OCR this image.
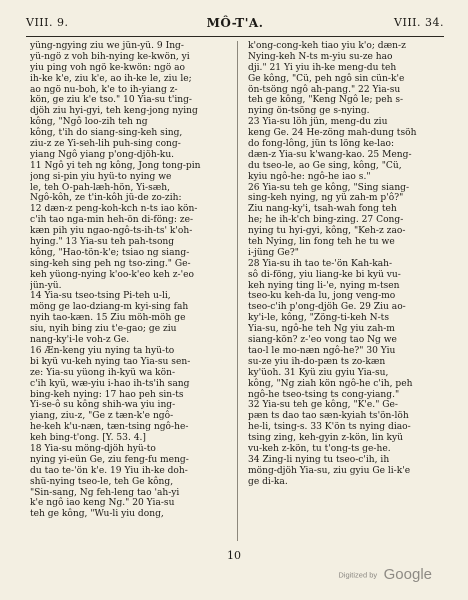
VIII. 9.	MÔ-T'A.	VIII. 34.
yüng-ngying ziu we jün-yü. 9 Ing-
yü-ngö z voh bih-nying ke-kwön, yi
yiu ping voh ngö ke-kwön: ngö ao
ih-ke k'e, ziu k'e, ao ih-ke le, ziu le;
ao ngö nu-boh, k'e to ih-yiang z-
kön, ge ziu k'e tso." 10 Yia-su t'ing-
djöh ziu hyi-gyi, teh keng-jong nying
kông, "Ngô loo-zih teh ng
kông, t'ih do siang-sing-keh sing,
ziu-z ze Yi-seh-lih puh-sing cong-
yiang Ngô yiang p'ong-djöh-ku.
11 Ngô yi teh ng kông, Jong tong-pin
jong si-pin yiu hyü-to nying we
le, teh O-pah-læh-hön, Yi-sæh,
Ngô-kôh, ze t'in-kôh jü-de zo-zih:
12 dæn-z peng-koh-kch n-ts iao kön-
c'ih tao nga-min heh-ön di-föng: ze-
kæn pih yiu ngao-ngô-ts-ih-ts' k'oh-
hying." 13 Yia-su teh pah-tsong
kông, "Hao-tön-k'e; tsiao ng siang-
sing-keh sing peh ng tso-zing." Ge-
keh yüong-nying k'oo-k'eo keh z-'eo
jün-yü.
14 Yia-su tseo-tsing Pi-teh u-li,
möng ge lao-dziang-m kyi-sing fah
nyih tao-kæn. 15 Ziu möh-möh ge
siu, nyih bing ziu t'e-gao; ge ziu
nang-ky'i-le voh-z Ge.
16 Æn-keng yiu nying ta hyü-to
bi kyü vu-keh nying tao Yia-su sen-
ze: Yia-su yüong ih-kyü wa kön-
c'ih kyü, wæ-yiu i-hao ih-ts'ih sang
bing-keh nying: 17 hao peh sin-ts
Yi-se-ô su kông shih-wa yiu ing-
yiang, ziu-z, "Ge z tæn-k'e ngô-
he-keh k'u-næn, tæn-tsing ngô-he-
keh bing-t'ong. [Y. 53. 4.]
18 Yia-su möng-djöh hyü-to
nying yi-eün Ge, ziu feng-fu meng-
du tao te-'ön k'e. 19 Yiu ih-ke doh-
shü-nying tseo-le, teh Ge kông,
"Sin-sang, Ng feh-leng tao 'ah-yi
k'e ngô iao keng Ng." 20 Yia-su
teh ge kông, "Wu-li yiu dong,
k'ong-cong-keh tiao yiu k'o; dæn-z
Nying-keh N-ts m-yiu su-ze hao
dji." 21 Yi yiu ih-ke meng-du teh
Ge kông, "Cü, peh ngô sin cün-k'e
ön-tsöng ngô ah-pang." 22 Yia-su
teh ge kông, "Keng Ngô le; peh s-
nying ön-tsöng ge s-nying.
23 Yia-su löh jün, meng-du ziu
keng Ge. 24 He-zöng mah-dung tsöh
do fong-lông, jün ts löng ke-lao:
dæn-z Yia-su k'wang-kao. 25 Meng-
du tseo-le, ao Ge sing, kông, "Cü,
kyiu ngô-he: ngô-he iao s."
26 Yia-su teh ge kông, "Sing siang-
sing-keh nying, ng yü zah-m p'ô?"
Ziu nang-ky'i, tsah-wah fong teh
he; he ih-k'ch bing-zing. 27 Cong-
nying tu hyi-gyi, kông, "Keh-z zao-
teh Nying, lin fong teh he tu we
i-jüng Ge?"
28 Yia-su ih tao te-'ön Kah-kah-
sô di-föng, yiu liang-ke bi kyü vu-
keh nying ting li-'e, nying m-tsen
tseo-ku keh-da lu, jong veng-mo
tseo-c'ih p'ong-djöh Ge. 29 Ziu ao-
ky'i-le, kông, "Zöng-ti-keh N-ts
Yia-su, ngô-he teh Ng yiu zah-m
siang-kön? z-'eo vong tao Ng we
tao-l le mo-næn ngô-he?" 30 Yiu
su-ze yiu ih-do-pæn ts zo-kæn
ky'üoh. 31 Kyü ziu gyiu Yia-su,
kông, "Ng ziah kön ngô-he c'ih, peh
ngô-he tseo-tsing ts cong-yiang."
32 Yia-su teh ge kông, "K'e." Ge-
pæn ts dao tao sæn-kyiah ts'ön-löh
he-li, tsing-s. 33 K'ön ts nying diao-
tsing zing, keh-gyin z-kön, lin kyü
vu-keh z-kön, tu t'ong-ts ge-he.
34 Zing-li nying tu tseo-c'ih, ih
möng-djöh Yia-su, ziu gyiu Ge li-k'e
ge di-ka.
10
Digitized by Google
